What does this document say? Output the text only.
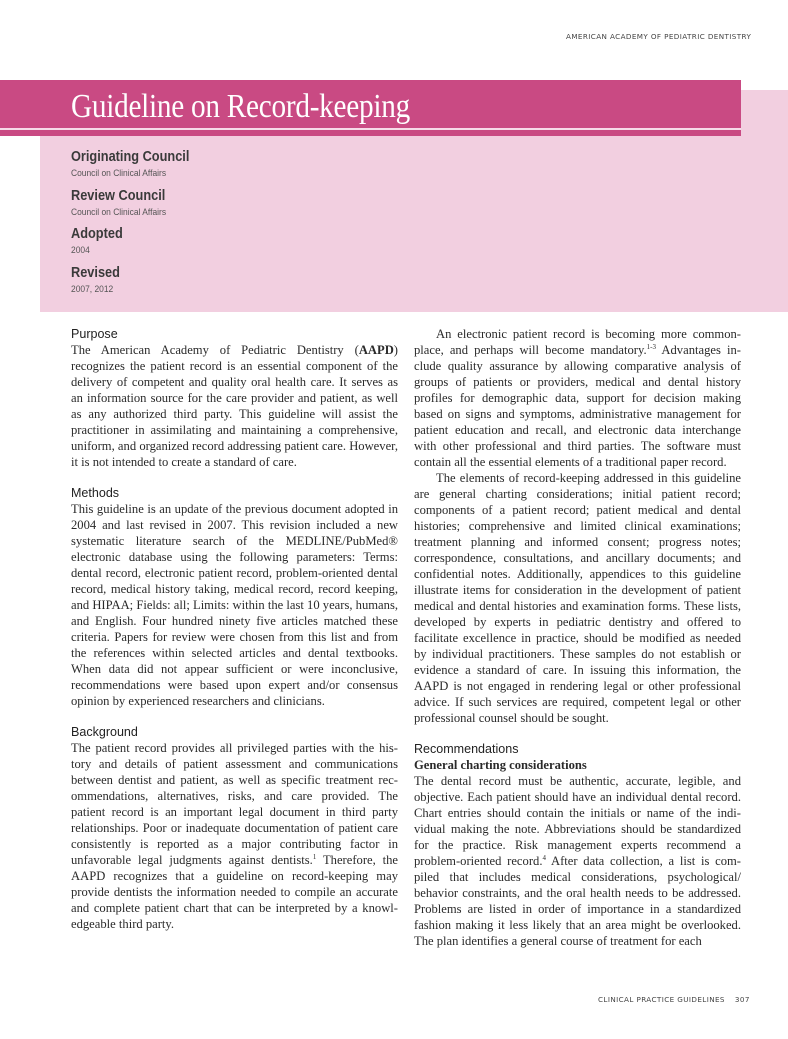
AMERICAN ACADEMY OF PEDIATRIC DENTISTRY
Guideline on Record-keeping
Originating Council
Council on Clinical Affairs
Review Council
Council on Clinical Affairs
Adopted
2004
Revised
2007, 2012
Purpose

The American Academy of Pediatric Dentistry (AAPD) recognizes the patient record is an essential component of the delivery of competent and quality oral health care. It serves as an information source for the care provider and patient, as well as any authorized third party. This guideline will assist the practitioner in assimilating and maintaining a comprehensive, uniform, and organized record addressing patient care. However, it is not intended to create a standard of care.

Methods

This guideline is an update of the previous document adopted in 2004 and last revised in 2007. This revision included a new systematic literature search of the MEDLINE/PubMed® electronic database using the following parameters: Terms: dental record, electronic patient record, problem-oriented dental record, medical history taking, medical record, record keeping, and HIPAA; Fields: all; Limits: within the last 10 years, humans, and English. Four hundred ninety five articles matched these criteria. Papers for review were chosen from this list and from the references within selected articles and dental textbooks. When data did not appear sufficient or were inconclusive, recommendations were based upon expert and/or consensus opinion by experienced researchers and clinicians.

Background

The patient record provides all privileged parties with the history and details of patient assessment and communications between dentist and patient, as well as specific treatment recommendations, alternatives, risks, and care provided. The patient record is an important legal document in third party relationships. Poor or inadequate documentation of patient care consistently is reported as a major contributing factor in unfavorable legal judgments against dentists.$^1$ Therefore, the AAPD recognizes that a guideline on record-keeping may provide dentists the information needed to compile an accurate and complete patient chart that can be interpreted by a knowledgeable third party.

An electronic patient record is becoming more commonplace, and perhaps will become mandatory.$^{1-3}$ Advantages include quality assurance by allowing comparative analysis of groups of patients or providers, medical and dental history profiles for demographic data, support for decision making based on signs and symptoms, administrative management for patient education and recall, and electronic data interchange with other professional and third parties. The software must contain all the essential elements of a traditional paper record.

The elements of record-keeping addressed in this guideline are general charting considerations; initial patient record; components of a patient record; patient medical and dental histories; comprehensive and limited clinical examinations; treatment planning and informed consent; progress notes; correspondence, consultations, and ancillary documents; and confidential notes. Additionally, appendices to this guideline illustrate items for consideration in the development of patient medical and dental histories and examination forms. These lists, developed by experts in pediatric dentistry and offered to facilitate excellence in practice, should be modified as needed by individual practitioners. These samples do not establish or evidence a standard of care. In issuing this information, the AAPD is not engaged in rendering legal or other professional advice. If such services are required, competent legal or other professional counsel should be sought.

Recommendations
General charting considerations

The dental record must be authentic, accurate, legible, and objective. Each patient should have an individual dental record. Chart entries should contain the initials or name of the individual making the note. Abbreviations should be standardized for the practice. Risk management experts recommend a problem-oriented record.$^4$ After data collection, a list is compiled that includes medical considerations, psychological/​behavior constraints, and the oral health needs to be addressed. Problems are listed in order of importance in a standardized fashion making it less likely that an area might be overlooked. The plan identifies a general course of treatment for each

CLINICAL PRACTICE GUIDELINES 307
